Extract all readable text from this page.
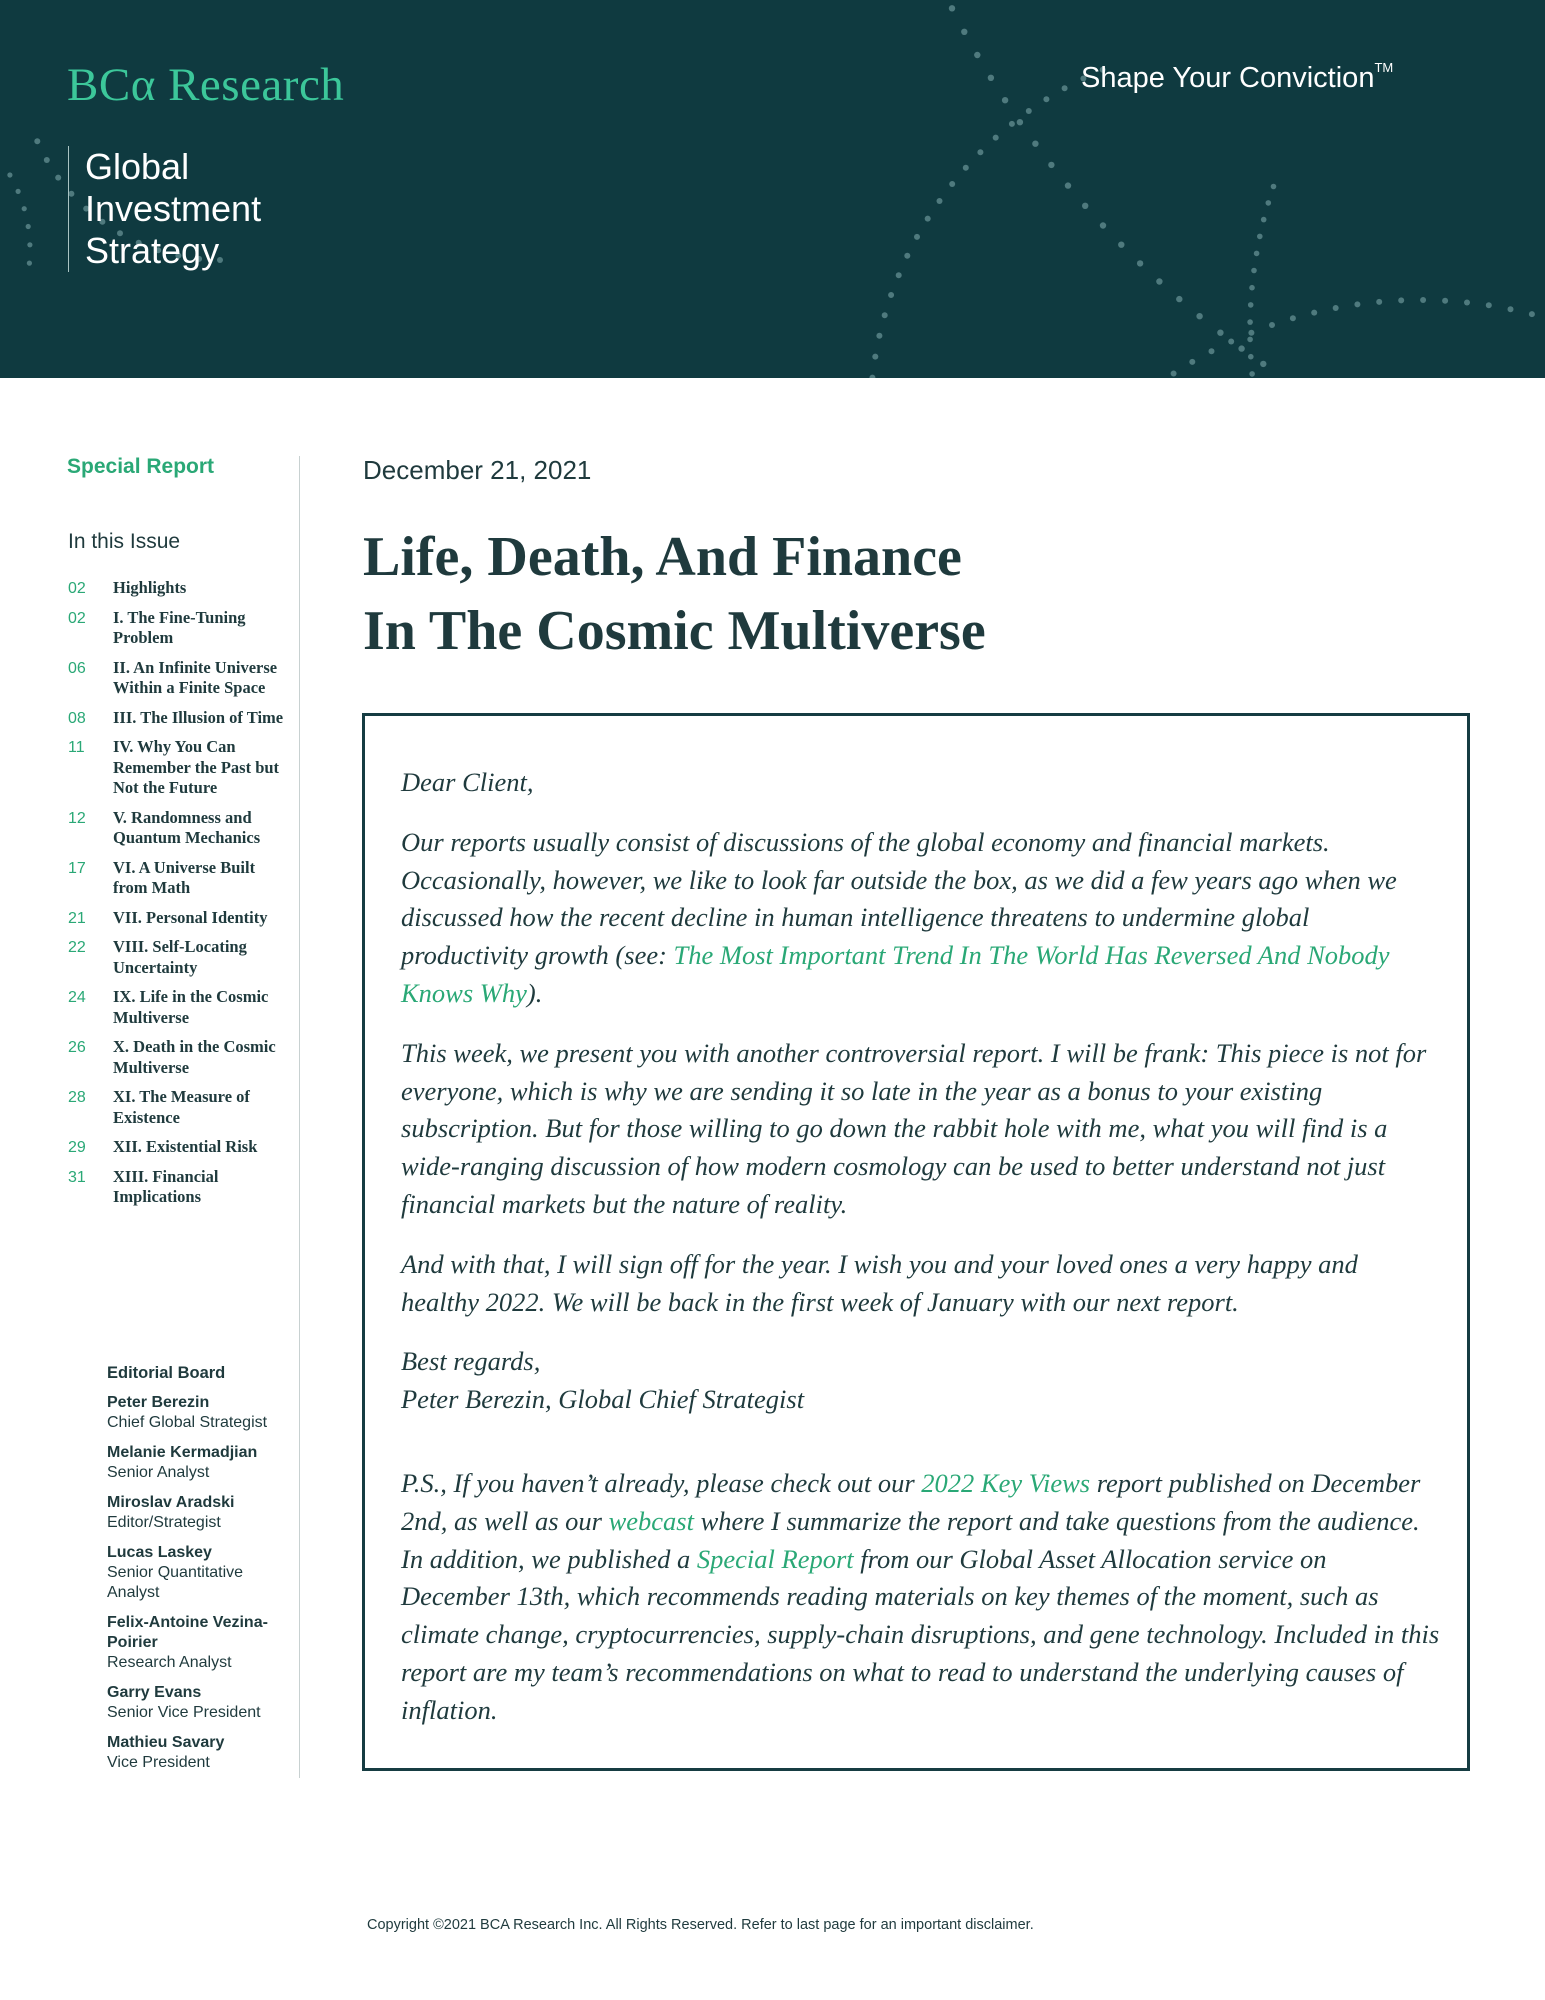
BCα Research
Global
Investment
Strategy
Shape Your Conviction™
Special Report
In this Issue
02	Highlights
02	I. The Fine-Tuning Problem
06	II. An Infinite Universe Within a Finite Space
08	III. The Illusion of Time
11	IV. Why You Can Remember the Past but Not the Future
12	V. Randomness and Quantum Mechanics
17	VI. A Universe Built from Math
21	VII. Personal Identity
22	VIII. Self-Locating Uncertainty
24	IX. Life in the Cosmic Multiverse
26	X. Death in the Cosmic Multiverse
28	XI. The Measure of Existence
29	XII. Existential Risk
31	XIII. Financial Implications
Editorial Board
Peter Berezin
Chief Global Strategist
Melanie Kermadjian
Senior Analyst
Miroslav Aradski
Editor/Strategist
Lucas Laskey
Senior Quantitative Analyst
Felix-Antoine Vezina-Poirier
Research Analyst
Garry Evans
Senior Vice President
Mathieu Savary
Vice President
December 21, 2021
Life, Death, And Finance
In The Cosmic Multiverse

Dear Client,

Our reports usually consist of discussions of the global economy and financial markets. Occasionally, however, we like to look far outside the box, as we did a few years ago when we discussed how the recent decline in human intelligence threatens to undermine global productivity growth (see: The Most Important Trend In The World Has Reversed And Nobody Knows Why).

This week, we present you with another controversial report. I will be frank: This piece is not for everyone, which is why we are sending it so late in the year as a bonus to your existing subscription. But for those willing to go down the rabbit hole with me, what you will find is a wide-ranging discussion of how modern cosmology can be used to better understand not just financial markets but the nature of reality.

And with that, I will sign off for the year. I wish you and your loved ones a very happy and healthy 2022. We will be back in the first week of January with our next report.

Best regards,
Peter Berezin, Global Chief Strategist

P.S., If you haven’t already, please check out our 2022 Key Views report published on December 2nd, as well as our webcast where I summarize the report and take questions from the audience. In addition, we published a Special Report from our Global Asset Allocation service on December 13th, which recommends reading materials on key themes of the moment, such as climate change, cryptocurrencies, supply-chain disruptions, and gene technology. Included in this report are my team’s recommendations on what to read to understand the underlying causes of inflation.

Copyright ©2021 BCA Research Inc. All Rights Reserved. Refer to last page for an important disclaimer.
